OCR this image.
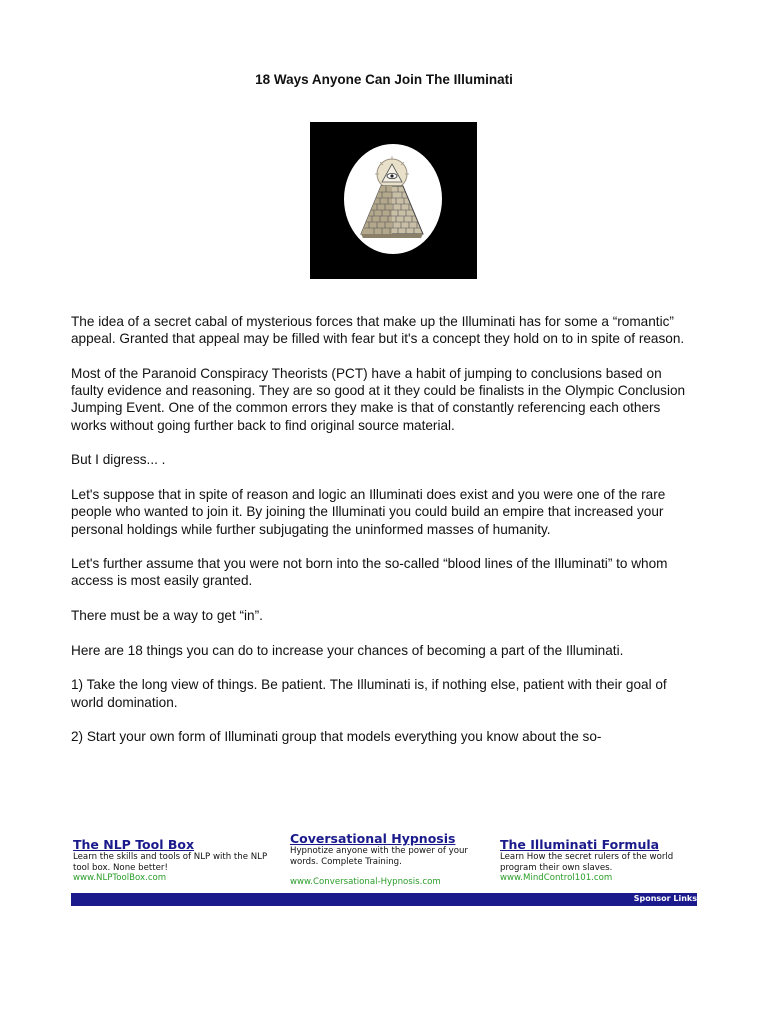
18 Ways Anyone Can Join The Illuminati

The idea of a secret cabal of mysterious forces that make up the Illuminati has for some a “romantic” appeal. Granted that appeal may be filled with fear but it's a concept they hold on to in spite of reason.

Most of the Paranoid Conspiracy Theorists (PCT) have a habit of jumping to conclusions based on faulty evidence and reasoning. They are so good at it they could be finalists in the Olympic Conclusion Jumping Event. One of the common errors they make is that of constantly referencing each others works without going further back to find original source material.

But I digress... .

Let's suppose that in spite of reason and logic an Illuminati does exist and you were one of the rare people who wanted to join it. By joining the Illuminati you could build an empire that increased your personal holdings while further subjugating the uninformed masses of humanity.

Let's further assume that you were not born into the so-called “blood lines of the Illuminati” to whom access is most easily granted.

There must be a way to get “in”.

Here are 18 things you can do to increase your chances of becoming a part of the Illuminati.

1) Take the long view of things. Be patient. The Illuminati is, if nothing else, patient with their goal of world domination.

2) Start your own form of Illuminati group that models everything you know about the so-

The NLP Tool Box
Learn the skills and tools of NLP with the NLP tool box. None better!
www.NLPToolBox.com
Coversational Hypnosis
Hypnotize anyone with the power of your words. Complete Training.
www.Conversational-Hypnosis.com
The Illuminati Formula
Learn How the secret rulers of the world program their own slaves.
www.MindControl101.com
Sponsor Links
